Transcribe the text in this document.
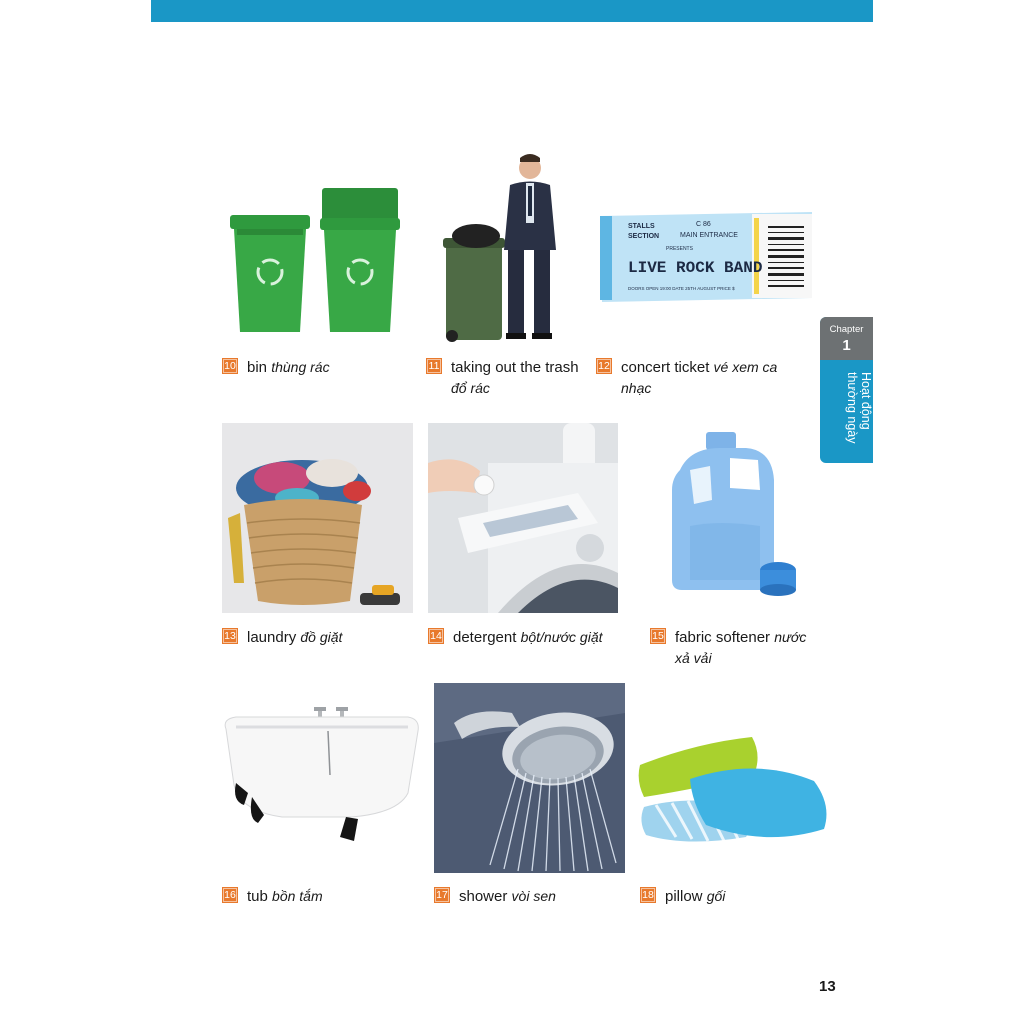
10 bin thùng rác	11 taking out the trash đổ rác
STALLS
SECTION
C 86
MAIN ENTRANCE
PRESENTS
LIVE ROCK BAND
DOORS OPEN 19:00 DATE 25TH AUGUST PRICE $
12 concert ticket vé xem ca nhạc
13 laundry đồ giặt	14 detergent bột/nước giặt	15 fabric softener nước xả vải
16 tub bồn tắm	17 shower vòi sen	18 pillow gối
Chapter
1
Hoạt động thường ngày
13
